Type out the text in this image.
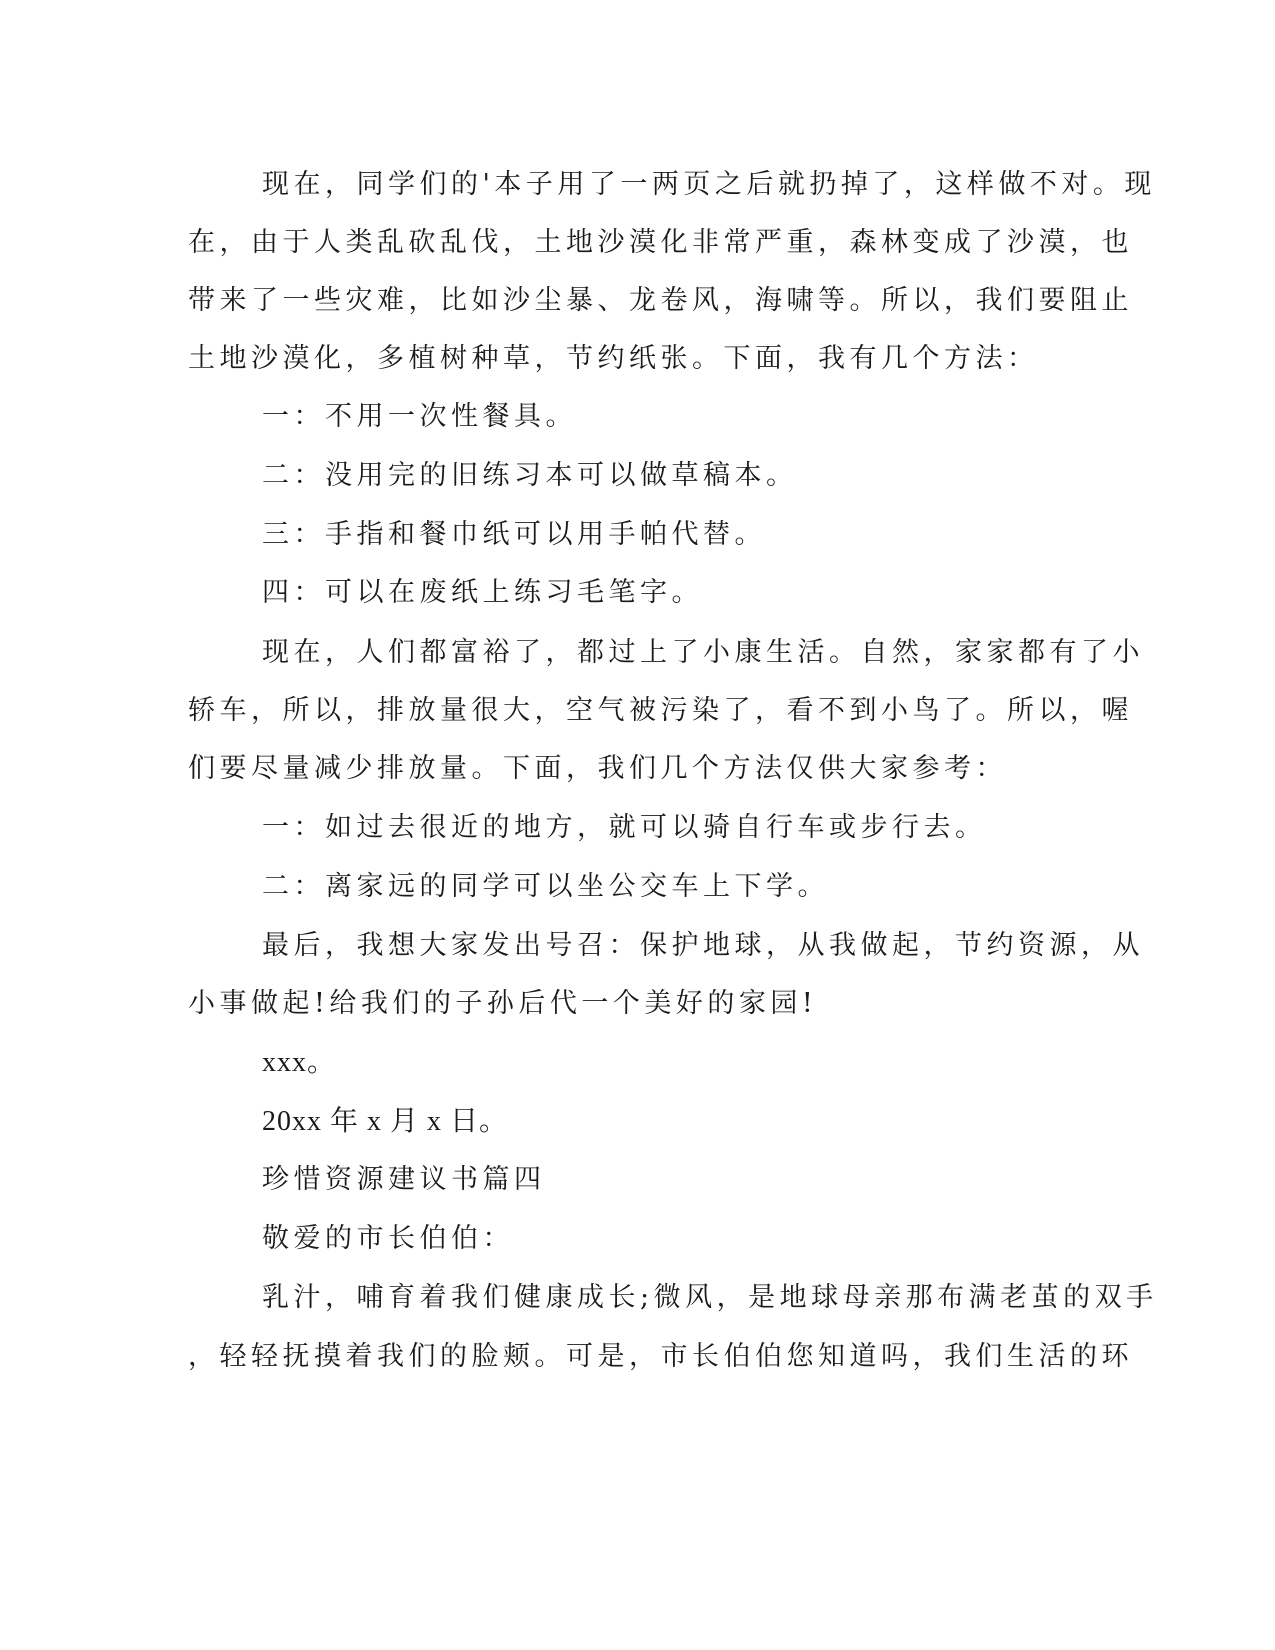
现在，同学们的'本子用了一两页之后就扔掉了，这样做不对。现
在，由于人类乱砍乱伐，土地沙漠化非常严重，森林变成了沙漠，也
带来了一些灾难，比如沙尘暴、龙卷风，海啸等。所以，我们要阻止
土地沙漠化，多植树种草，节约纸张。下面，我有几个方法：
一：不用一次性餐具。
二：没用完的旧练习本可以做草稿本。
三：手指和餐巾纸可以用手帕代替。
四：可以在废纸上练习毛笔字。
现在，人们都富裕了，都过上了小康生活。自然，家家都有了小
轿车，所以，排放量很大，空气被污染了，看不到小鸟了。所以，喔
们要尽量减少排放量。下面，我们几个方法仅供大家参考：
一：如过去很近的地方，就可以骑自行车或步行去。
二：离家远的同学可以坐公交车上下学。
最后，我想大家发出号召：保护地球，从我做起，节约资源，从
小事做起!给我们的子孙后代一个美好的家园!
xxx。
20xx 年 x 月 x 日。
珍惜资源建议书篇四
敬爱的市长伯伯：
乳汁，哺育着我们健康成长;微风，是地球母亲那布满老茧的双手
，轻轻抚摸着我们的脸颊。可是，市长伯伯您知道吗，我们生活的环
